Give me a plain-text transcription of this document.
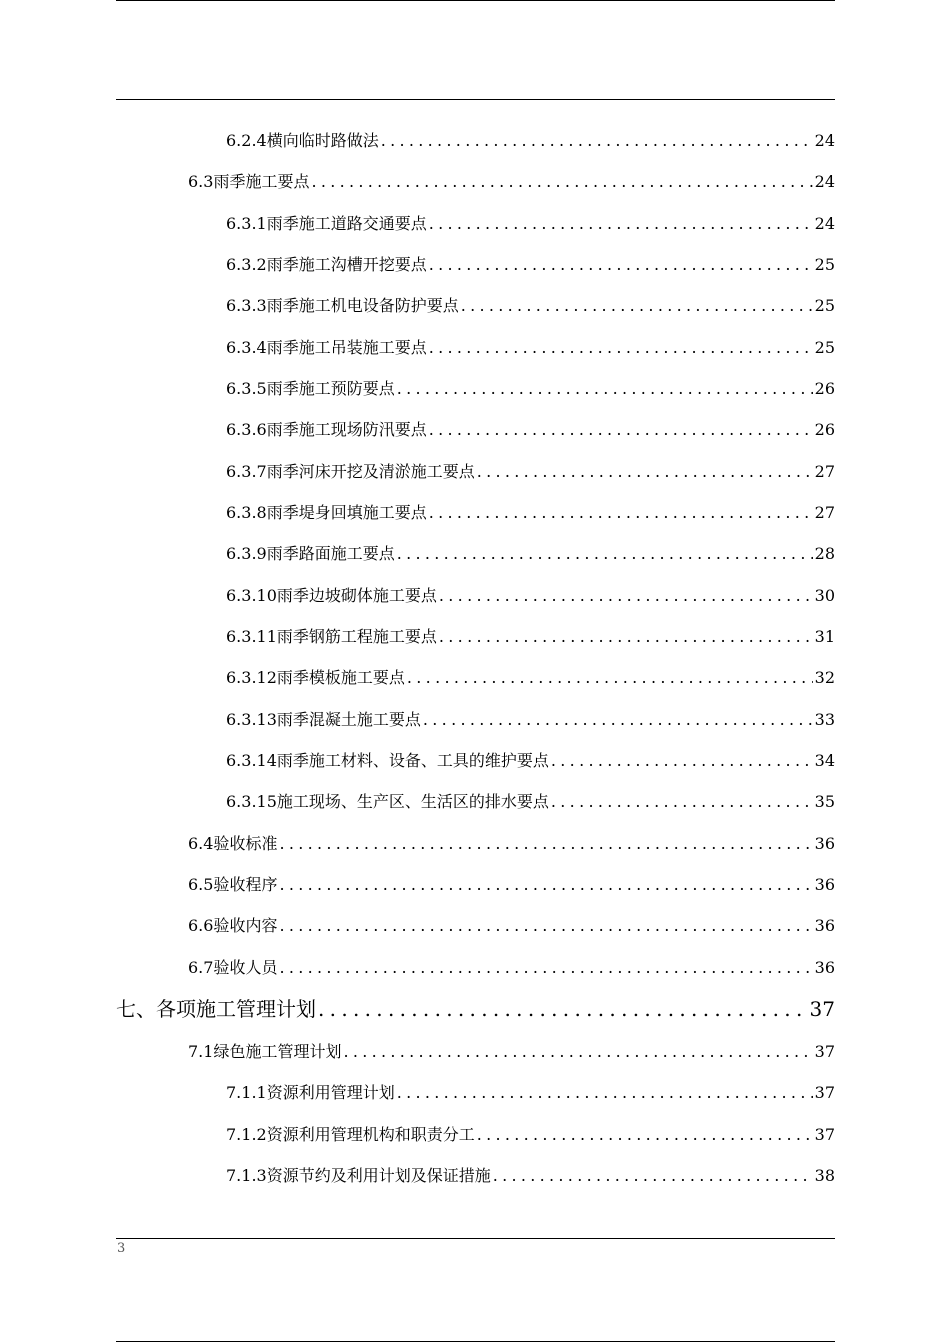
6.2.4横向临时路做法 .....	24
6.3雨季施工要点 .....	24
6.3.1雨季施工道路交通要点 .....	24
6.3.2雨季施工沟槽开挖要点 .....	25
6.3.3雨季施工机电设备防护要点 .....	25
6.3.4雨季施工吊装施工要点 .....	25
6.3.5雨季施工预防要点 .....	26
6.3.6雨季施工现场防汛要点 .....	26
6.3.7雨季河床开挖及清淤施工要点 .....	27
6.3.8雨季堤身回填施工要点 .....	27
6.3.9雨季路面施工要点 .....	28
6.3.10雨季边坡砌体施工要点 .....	30
6.3.11雨季钢筋工程施工要点 .....	31
6.3.12雨季模板施工要点 .....	32
6.3.13雨季混凝土施工要点 .....	33
6.3.14雨季施工材料、设备、工具的维护要点 .....	34
6.3.15施工现场、生产区、生活区的排水要点 .....	35
6.4验收标准 .....	36
6.5验收程序 .....	36
6.6验收内容 .....	36
6.7验收人员 .....	36
七、各项施工管理计划 .....	37
7.1绿色施工管理计划 .....	37
7.1.1资源利用管理计划 .....	37
7.1.2资源利用管理机构和职责分工 .....	37
7.1.3资源节约及利用计划及保证措施 .....	38
3
